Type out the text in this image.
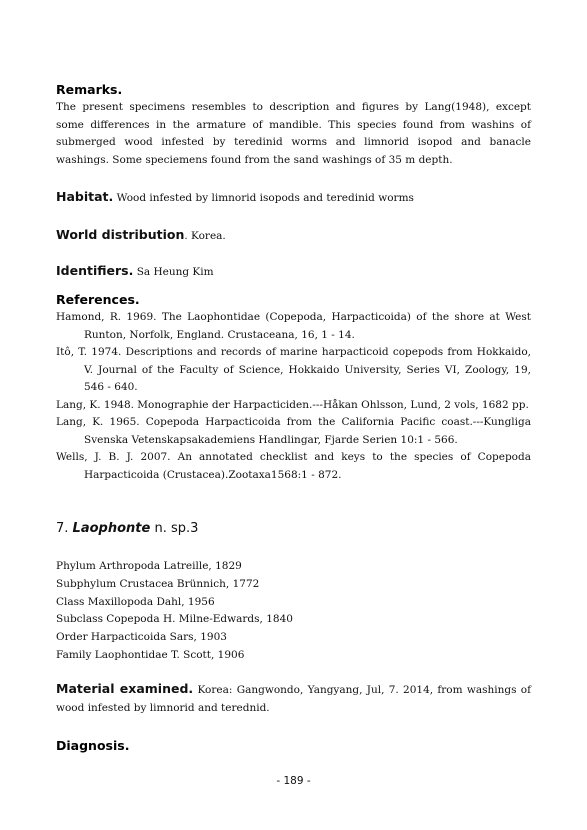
Remarks.
The present specimens resembles to description and figures by Lang(1948), except some differences in the armature of mandible. This species found from washins of submerged wood infested by teredinid worms and limnorid isopod and banacle washings. Some speciemens found from the sand washings of 35 m depth.
Habitat. Wood infested by limnorid isopods and teredinid worms
World distribution. Korea.
Identifiers. Sa Heung Kim
References.
Hamond, R. 1969. The Laophontidae (Copepoda, Harpacticoida) of the shore at West Runton, Norfolk, England. Crustaceana, 16, 1 - 14.
Itô, T. 1974. Descriptions and records of marine harpacticoid copepods from Hokkaido, V. Journal of the Faculty of Science, Hokkaido University, Series VI, Zoology, 19, 546 - 640.
Lang, K. 1948. Monographie der Harpacticiden.---Håkan Ohlsson, Lund, 2 vols, 1682 pp.
Lang, K. 1965. Copepoda Harpacticoida from the California Pacific coast.---Kungliga Svenska Vetenskapsakademiens Handlingar, Fjarde Serien 10:1 - 566.
Wells, J. B. J. 2007. An annotated checklist and keys to the species of Copepoda Harpacticoida (Crustacea).Zootaxa1568:1 - 872.
7. Laophonte n. sp.3
Phylum Arthropoda Latreille, 1829
Subphylum Crustacea Brünnich, 1772
Class Maxillopoda Dahl, 1956
Subclass Copepoda H. Milne-Edwards, 1840
Order Harpacticoida Sars, 1903
Family Laophontidae T. Scott, 1906
Material examined. Korea: Gangwondo, Yangyang, Jul, 7. 2014, from washings of wood infested by limnorid and terednid.
Diagnosis.
- 189 -
